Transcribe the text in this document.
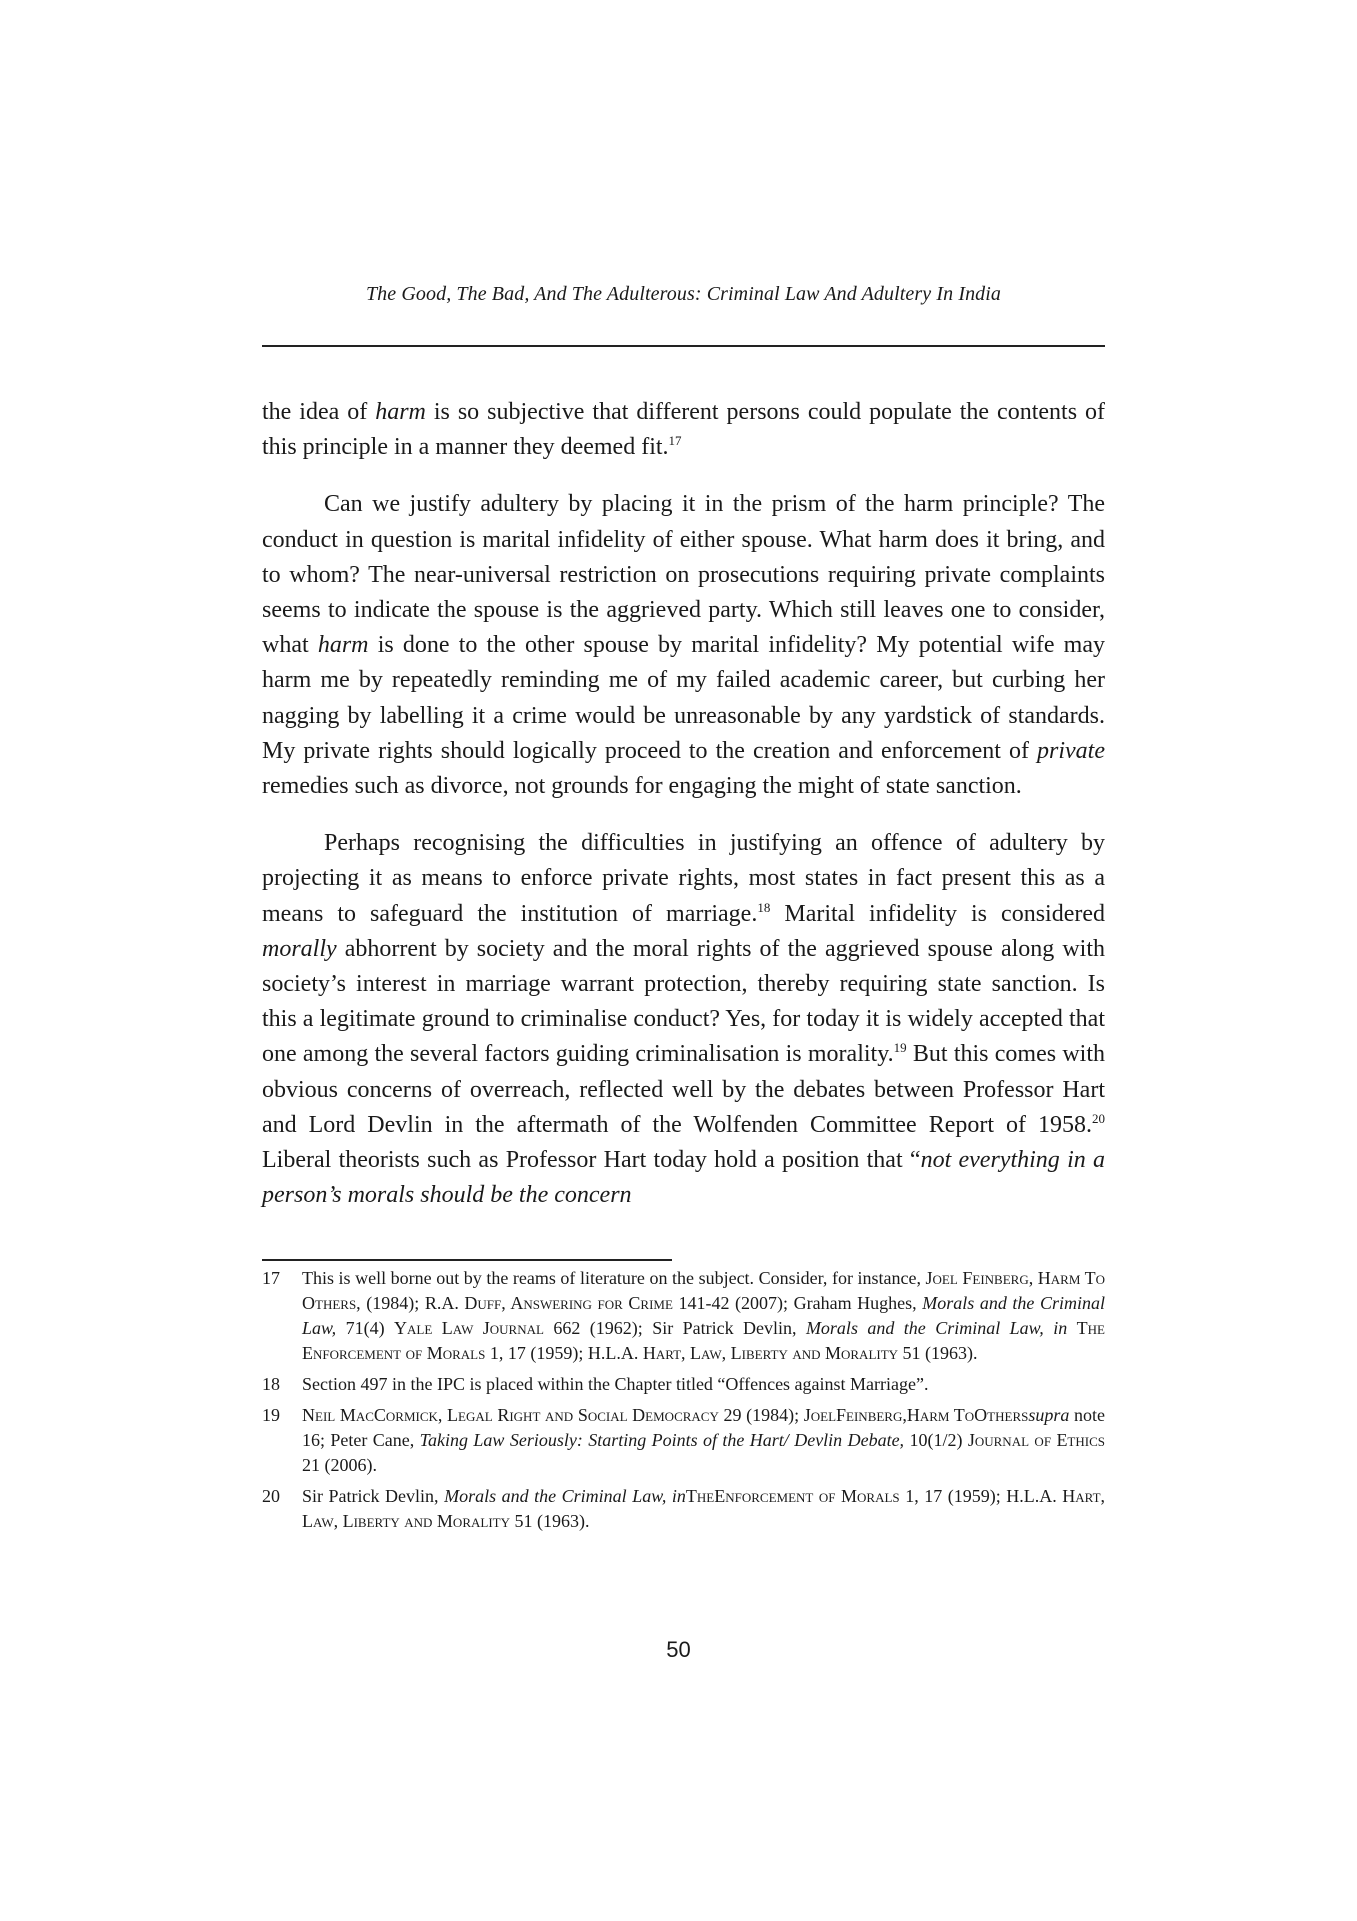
The Good, The Bad, And The Adulterous: Criminal Law And Adultery In India

the idea of harm is so subjective that different persons could populate the contents of this principle in a manner they deemed fit.$^{17}$

Can we justify adultery by placing it in the prism of the harm principle? The conduct in question is marital infidelity of either spouse. What harm does it bring, and to whom? The near-universal restriction on prosecutions requiring private complaints seems to indicate the spouse is the aggrieved party. Which still leaves one to consider, what harm is done to the other spouse by marital infidelity? My potential wife may harm me by repeatedly reminding me of my failed academic career, but curbing her nagging by labelling it a crime would be unreasonable by any yardstick of standards. My private rights should logically proceed to the creation and enforcement of private remedies such as divorce, not grounds for engaging the might of state sanction.

Perhaps recognising the difficulties in justifying an offence of adultery by projecting it as means to enforce private rights, most states in fact present this as a means to safeguard the institution of marriage.$^{18}$ Marital infidelity is considered morally abhorrent by society and the moral rights of the aggrieved spouse along with society’s interest in marriage warrant protection, thereby requiring state sanction. Is this a legitimate ground to criminalise conduct? Yes, for today it is widely accepted that one among the several factors guiding criminalisation is morality.$^{19}$ But this comes with obvious concerns of overreach, reflected well by the debates between Professor Hart and Lord Devlin in the aftermath of the Wolfenden Committee Report of 1958.20 Liberal theorists such as Professor Hart today hold a position that “not everything in a person’s morals should be the concern

17	This is well borne out by the reams of literature on the subject. Consider, for instance, Joel Feinberg, Harm To Others, (1984); R.A. Duff, Answering for Crime 141-42 (2007); Graham Hughes, Morals and the Criminal Law, 71(4) Yale Law Journal 662 (1962); Sir Patrick Devlin, Morals and the Criminal Law, in The Enforcement of Morals 1, 17 (1959); H.L.A. Hart, Law, Liberty and Morality 51 (1963).
18	Section 497 in the IPC is placed within the Chapter titled “Offences against Marriage”.
19	Neil MacCormick, Legal Right and Social Democracy 29 (1984); JoelFeinberg,Harm ToOtherssupra note 16; Peter Cane, Taking Law Seriously: Starting Points of the Hart/ Devlin Debate, 10(1/2) Journal of Ethics 21 (2006).
20	Sir Patrick Devlin, Morals and the Criminal Law, inTheEnforcement of Morals 1, 17 (1959); H.L.A. Hart, Law, Liberty and Morality 51 (1963).
50
